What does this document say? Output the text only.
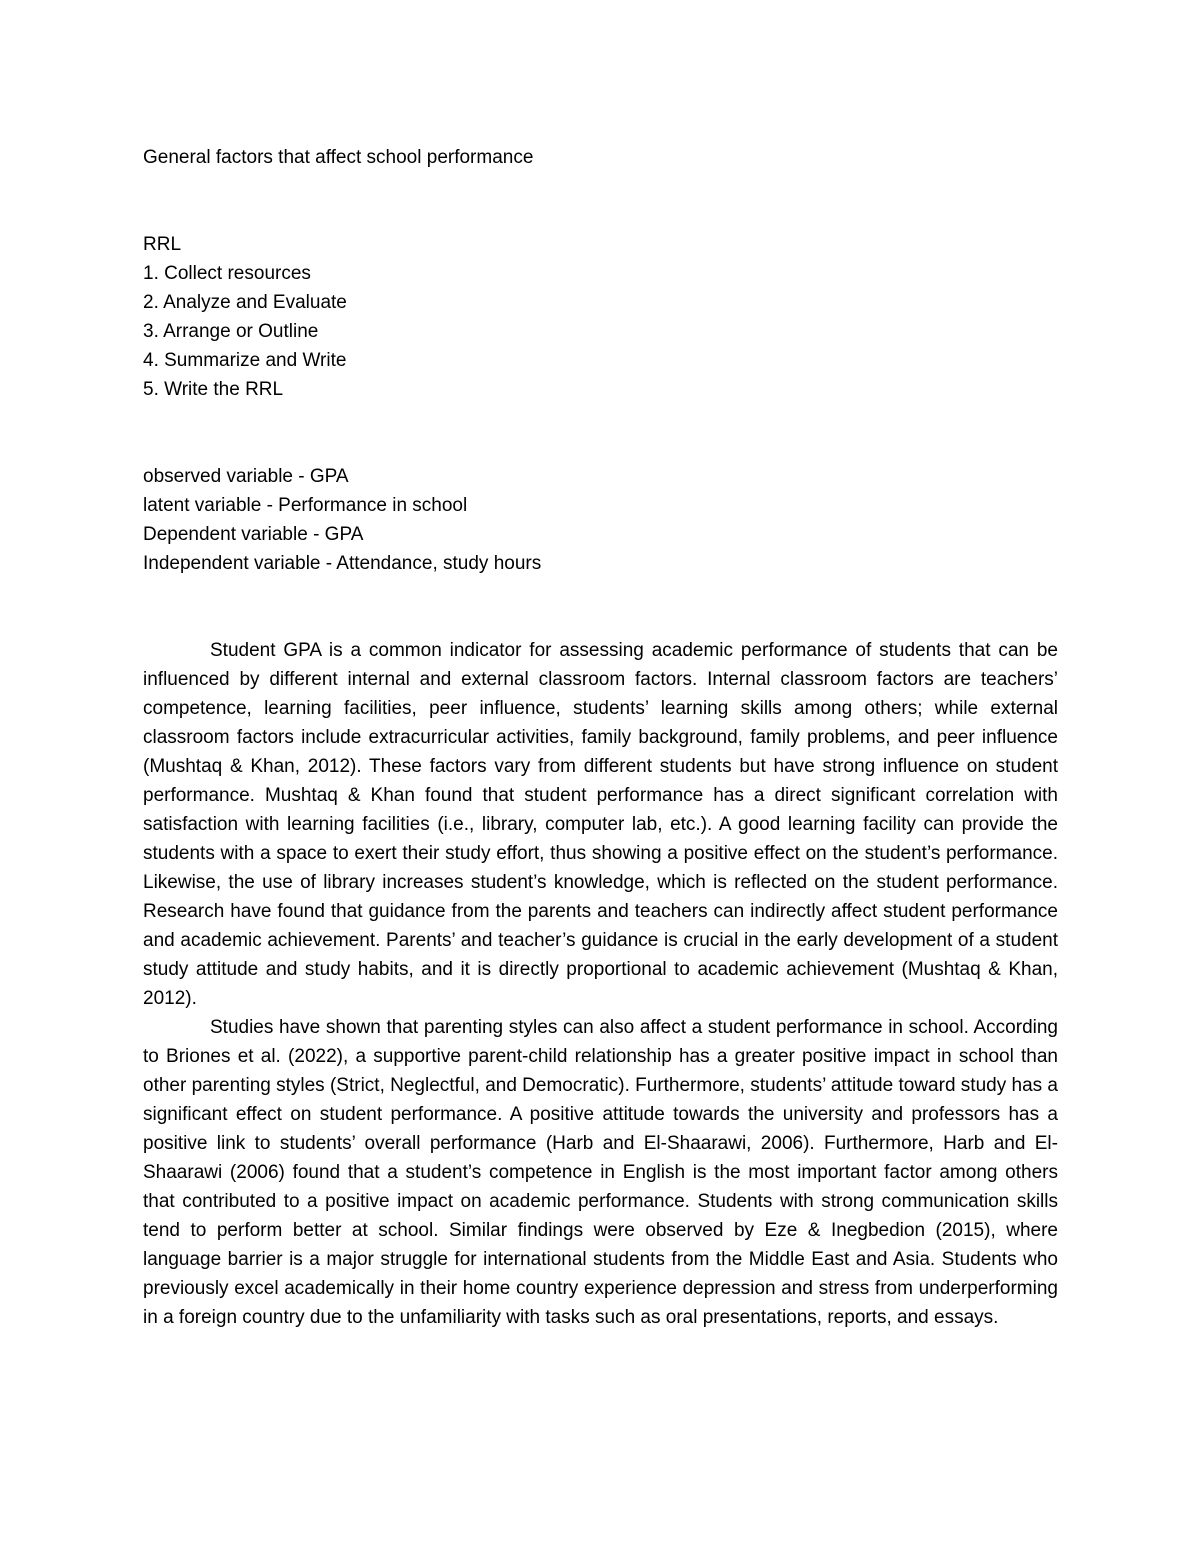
General factors that affect school performance
RRL
1. Collect resources
2. Analyze and Evaluate
3. Arrange or Outline
4. Summarize and Write
5. Write the RRL
observed variable - GPA
latent variable - Performance in school
Dependent variable - GPA
Independent variable - Attendance, study hours

Student GPA is a common indicator for assessing academic performance of students that can be influenced by different internal and external classroom factors. Internal classroom factors are teachers’ competence, learning facilities, peer influence, students’ learning skills among others; while external classroom factors include extracurricular activities, family background, family problems, and peer influence (Mushtaq & Khan, 2012). These factors vary from different students but have strong influence on student performance. Mushtaq & Khan found that student performance has a direct significant correlation with satisfaction with learning facilities (i.e., library, computer lab, etc.). A good learning facility can provide the students with a space to exert their study effort, thus showing a positive effect on the student’s performance. Likewise, the use of library increases student’s knowledge, which is reflected on the student performance. Research have found that guidance from the parents and teachers can indirectly affect student performance and academic achievement. Parents’ and teacher’s guidance is crucial in the early development of a student study attitude and study habits, and it is directly proportional to academic achievement (Mushtaq & Khan, 2012).

Studies have shown that parenting styles can also affect a student performance in school. According to Briones et al. (2022), a supportive parent-child relationship has a greater positive impact in school than other parenting styles (Strict, Neglectful, and Democratic). Furthermore, students’ attitude toward study has a significant effect on student performance. A positive attitude towards the university and professors has a positive link to students’ overall performance (Harb and El-Shaarawi, 2006). Furthermore, Harb and El-Shaarawi (2006) found that a student’s competence in English is the most important factor among others that contributed to a positive impact on academic performance. Students with strong communication skills tend to perform better at school. Similar findings were observed by Eze & Inegbedion (2015), where language barrier is a major struggle for international students from the Middle East and Asia. Students who previously excel academically in their home country experience depression and stress from underperforming in a foreign country due to the unfamiliarity with tasks such as oral presentations, reports, and essays.
